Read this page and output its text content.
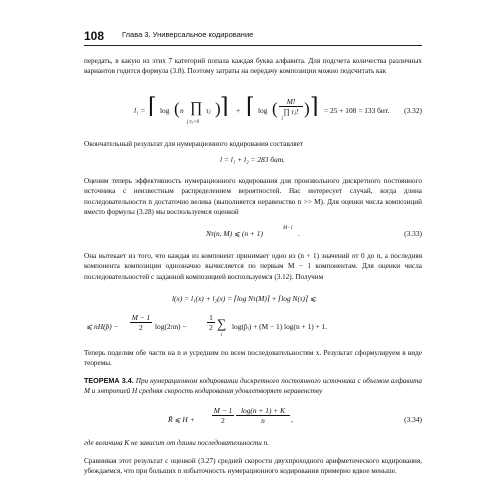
108 Глава 3. Универсальное кодирование

передать, в какую из этих 7 категорий попала каждая буква алфавита. Для подсчета количества различных вариантов годится формула (3.8). Поэтому затраты на передачу композиции можно подсчитать как

l₁ = ⌈ log ( n ∏
j:τⱼ>0
τⱼ ) ⌉ + ⌈ log (	M!
∏ τⱼ!
j
) ⌉ = 25 + 108 = 133 бит. (3.32)

Окончательный результат для нумерационного кодирования составляет

l = l₁ + l₂ = 283 бит.

Оценим теперь эффективность нумерационного кодирования для произвольного дискретного постоянного источника с неизвестным распределением вероятностей. Нас интересует случай, когда длина последовательности n достаточно велика (выполняется неравенство n >> M). Для оценки числа композиций вместо формулы (3.28) мы воспользуемся оценкой

Nτ(n, M) ⩽ (n + 1)
M−1
.	(3.33)

Она вытекает из того, что каждая из компонент принимает одно из (n + 1) значений от 0 до n, а последняя компонента композиции однозначно вычисляется по первым M − 1 компонентам. Для оценки числа последовательностей с заданной композицией воспользуемся (3.12). Получим

l(x) = l₁(x) + l₂(x) = ⌈log Nτ(M)⌉ + ⌈log N(τ)⌉ ⩽
⩽ nH(p̂) − $\frac{M - 1}{2} \log(2\pi n)$ −	$\frac{1}{2}$ ∑
i
log(p̂ᵢ) + (M − 1) log(n + 1) + 1.

Теперь поделим обе части на n и усредним по всем последовательностям x. Результат сформулируем в виде теоремы.

ТЕОРЕМА 3.4. При нумерационном кодировании дискретного постоянного источника с объемом алфавита M и энтропией H средняя скорость кодирования удовлетворяет неравенству

R̄ ⩽ $H + \frac{M - 1}{2} \frac{\log(n + 1) + K}{n}$ ,	(3.34)

где величина K не зависит от длины последовательности n.

Сравнивая этот результат с оценкой (3.27) средней скорости двухпроходного арифметического кодирования, убеждаемся, что при больших n избыточность нумерационного кодирования примерно вдвое меньше.
